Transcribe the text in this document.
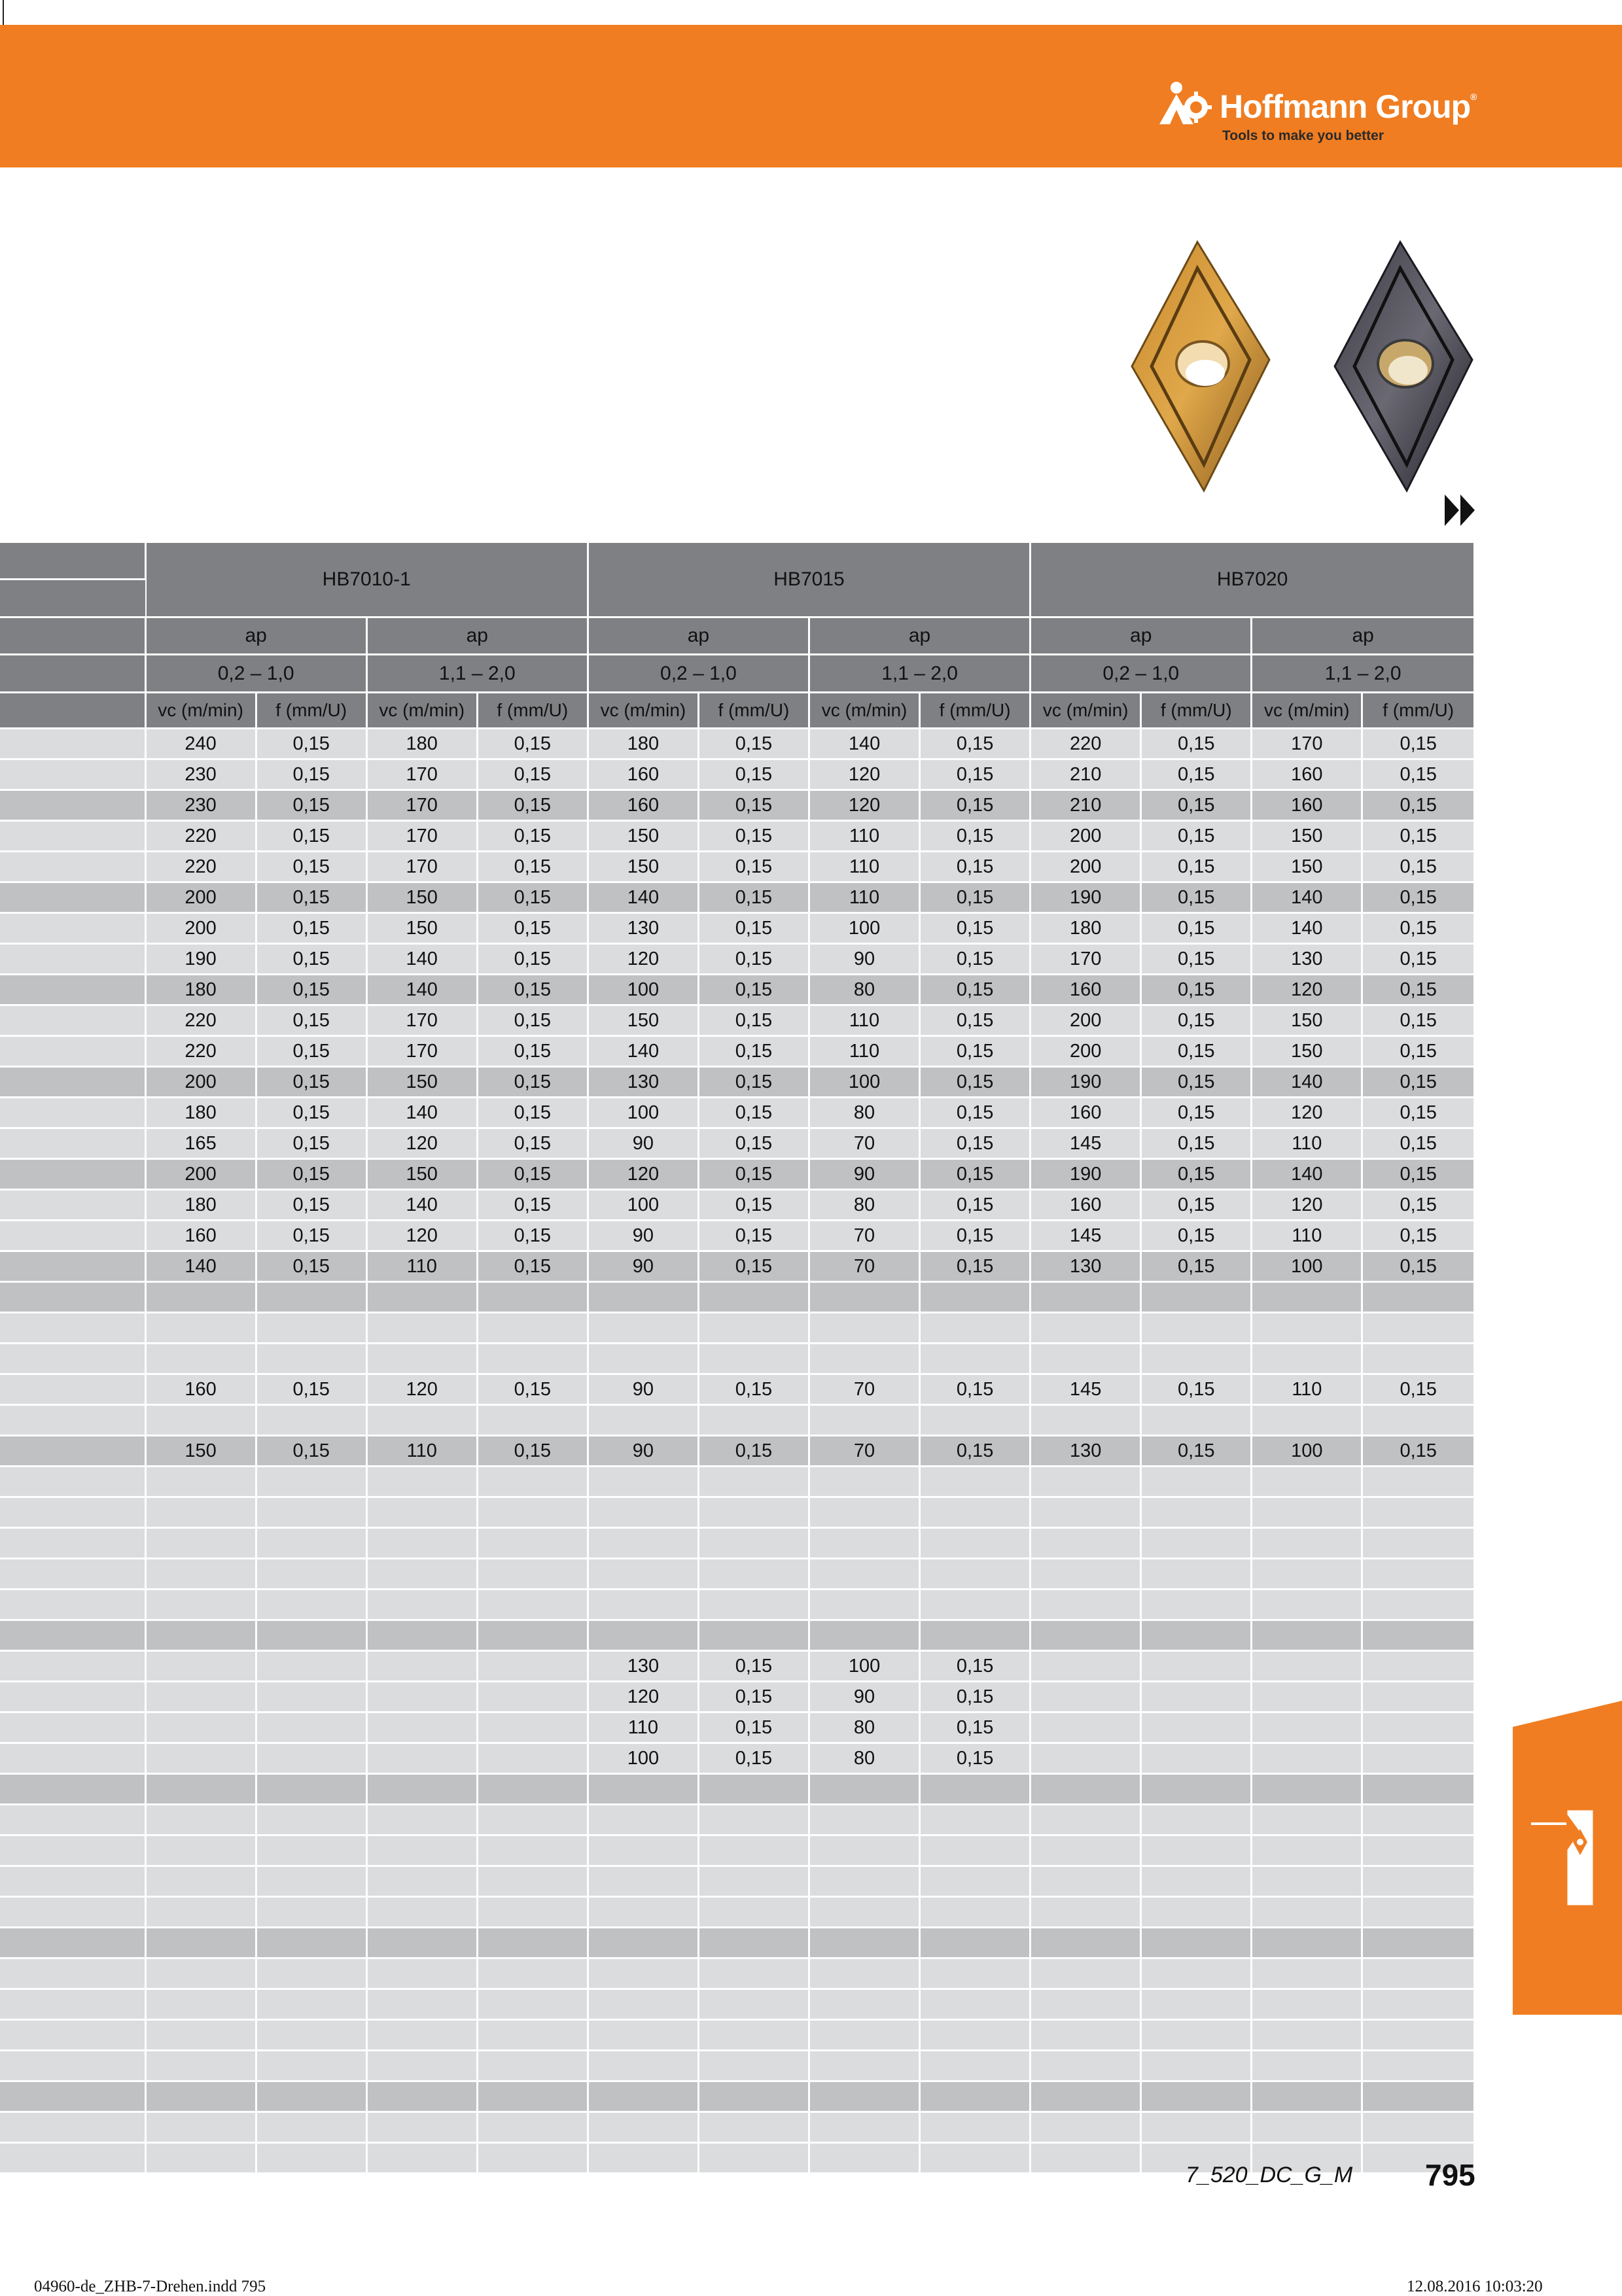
Hoffmann Group®
Tools to make you better
	HB7010-1				HB7015				HB7020			

	ap		ap		ap		ap		ap		ap	
	0,2 – 1,0		1,1 – 2,0		0,2 – 1,0		1,1 – 2,0		0,2 – 1,0		1,1 – 2,0	
	vc (m/min)	f (mm/U)	vc (m/min)	f (mm/U)	vc (m/min)	f (mm/U)	vc (m/min)	f (mm/U)	vc (m/min)	f (mm/U)	vc (m/min)	f (mm/U)
	240	0,15	180	0,15	180	0,15	140	0,15	220	0,15	170	0,15
	230	0,15	170	0,15	160	0,15	120	0,15	210	0,15	160	0,15
	230	0,15	170	0,15	160	0,15	120	0,15	210	0,15	160	0,15
	220	0,15	170	0,15	150	0,15	110	0,15	200	0,15	150	0,15
	220	0,15	170	0,15	150	0,15	110	0,15	200	0,15	150	0,15
	200	0,15	150	0,15	140	0,15	110	0,15	190	0,15	140	0,15
	200	0,15	150	0,15	130	0,15	100	0,15	180	0,15	140	0,15
	190	0,15	140	0,15	120	0,15	90	0,15	170	0,15	130	0,15
	180	0,15	140	0,15	100	0,15	80	0,15	160	0,15	120	0,15
	220	0,15	170	0,15	150	0,15	110	0,15	200	0,15	150	0,15
	220	0,15	170	0,15	140	0,15	110	0,15	200	0,15	150	0,15
	200	0,15	150	0,15	130	0,15	100	0,15	190	0,15	140	0,15
	180	0,15	140	0,15	100	0,15	80	0,15	160	0,15	120	0,15
	165	0,15	120	0,15	90	0,15	70	0,15	145	0,15	110	0,15
	200	0,15	150	0,15	120	0,15	90	0,15	190	0,15	140	0,15
	180	0,15	140	0,15	100	0,15	80	0,15	160	0,15	120	0,15
	160	0,15	120	0,15	90	0,15	70	0,15	145	0,15	110	0,15
	140	0,15	110	0,15	90	0,15	70	0,15	130	0,15	100	0,15

	160	0,15	120	0,15	90	0,15	70	0,15	145	0,15	110	0,15

	150	0,15	110	0,15	90	0,15	70	0,15	130	0,15	100	0,15

					130	0,15	100	0,15				
					120	0,15	90	0,15				
					110	0,15	80	0,15				
					100	0,15	80	0,15				

7_520_DC_G_M 795
04960-de_ZHB-7-Drehen.indd 795	12.08.2016 10:03:20
